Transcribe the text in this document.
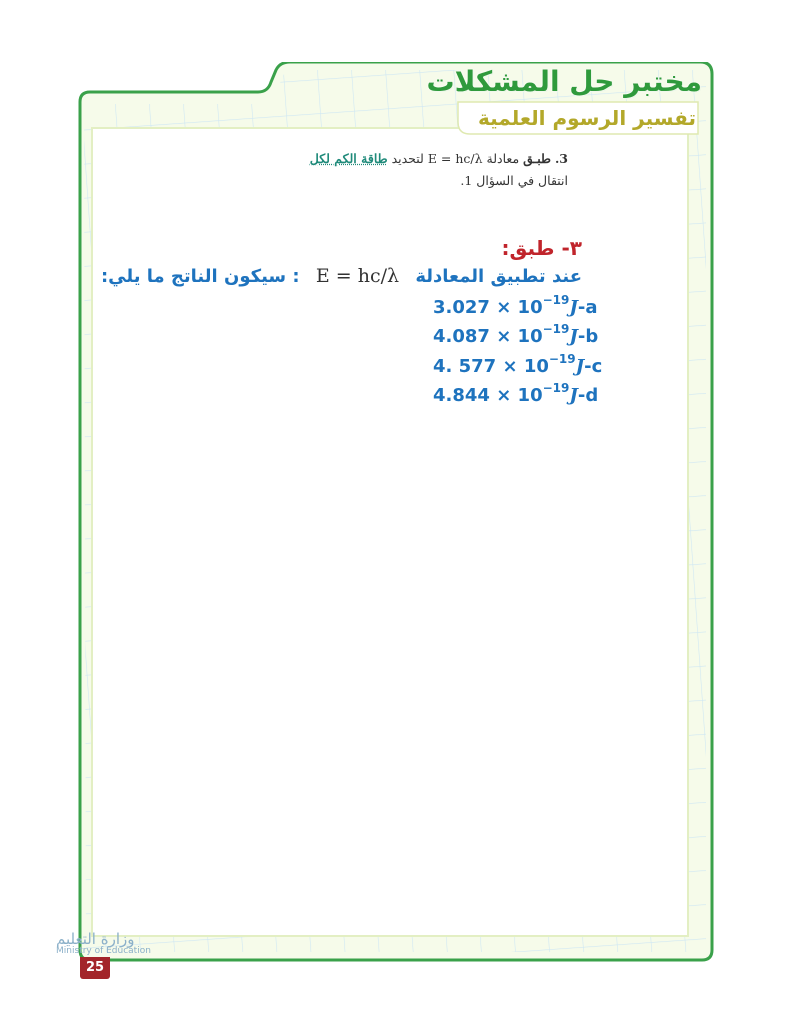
مختبر حل المشكلات
تفسير الرسوم العلمية
3. طبـق معادلة E = hc/λ لتحديد طاقة الكم لكل
انتقال في السؤال 1.
٣- طبق:
عند تطبيق المعادلة E = hc/λ : سيكون الناتج ما يلي:
$3.027 \times 10^{-19}J-a$
$4.087 \times 10^{-19}J-b$
4. $577 \times 10^{-19}J-c$
$4.844 \times 10^{-19}J-d$
وزارة التعليم
Ministry of Education
25
